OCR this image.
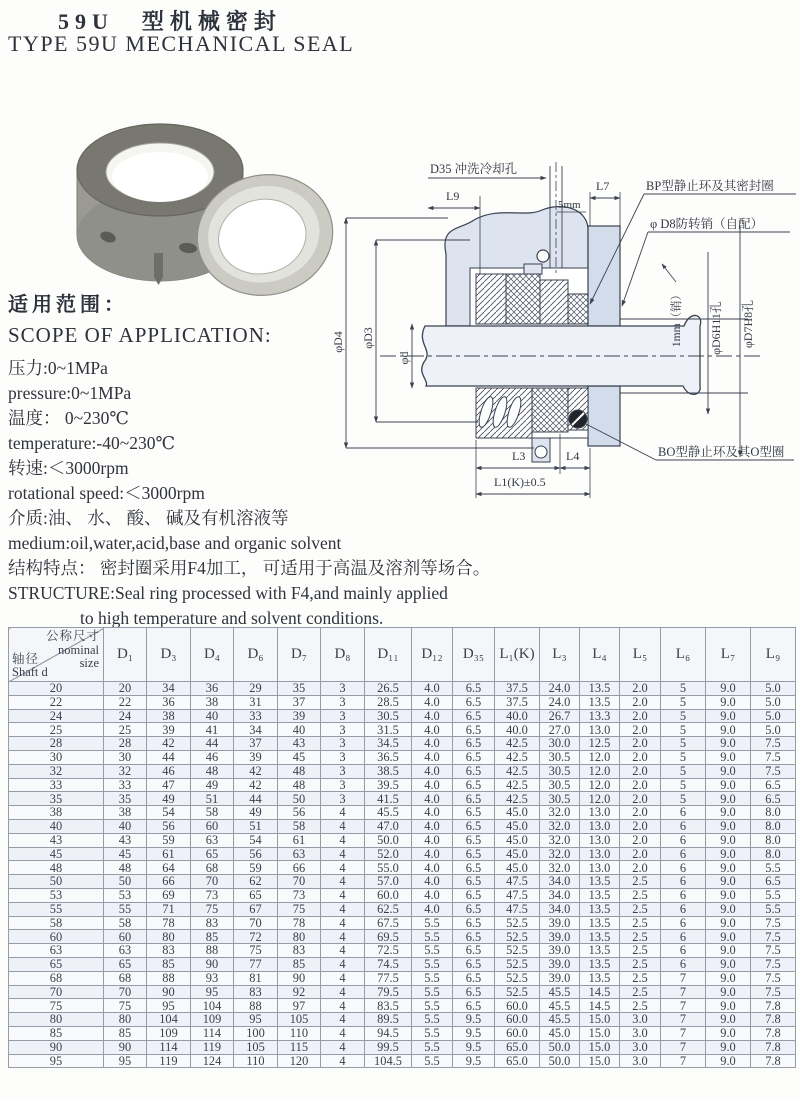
59U　型机械密封
TYPE 59U MECHANICAL SEAL
适用范围：
SCOPE OF APPLICATION:
压力:0~1MPa
pressure:0~1MPa
温度： 0~230℃
temperature:-40~230℃
转速:＜3000rpm
rotational speed:＜3000rpm
介质:油、 水、 酸、 碱及有机溶液等
medium:oil,water,acid,base and organic solvent
结构特点： 密封圈采用F4加工， 可适用于高温及溶剂等场合。
STRUCTURE:Seal ring processed with F4,and mainly applied
to high temperature and solvent conditions.
φD4 φD3
φd
D35 冲洗冷却孔
L9
5mm
L7	BP型静止环及其密封圈
φ D8防转销（自配）
1mm（销） φD6H11孔 φD7H8孔
BO型静止环及其O型圈
L3	L4
L1(K)±0.5
公称尺寸
nominal
size
轴径
Shaft d	D₁	D₃	D₄	D₆	D₇	D₈	D₁₁	D₁₂	D₃₅	L₁(K)	L₃	L₄	L₅	L₆	L₇	L₉
20	20	34	36	29	35	3	26.5	4.0	6.5	37.5	24.0	13.5	2.0	5	9.0	5.0
22	22	36	38	31	37	3	28.5	4.0	6.5	37.5	24.0	13.5	2.0	5	9.0	5.0
24	24	38	40	33	39	3	30.5	4.0	6.5	40.0	26.7	13.3	2.0	5	9.0	5.0
25	25	39	41	34	40	3	31.5	4.0	6.5	40.0	27.0	13.0	2.0	5	9.0	5.0
28	28	42	44	37	43	3	34.5	4.0	6.5	42.5	30.0	12.5	2.0	5	9.0	7.5
30	30	44	46	39	45	3	36.5	4.0	6.5	42.5	30.5	12.0	2.0	5	9.0	7.5
32	32	46	48	42	48	3	38.5	4.0	6.5	42.5	30.5	12.0	2.0	5	9.0	7.5
33	33	47	49	42	48	3	39.5	4.0	6.5	42.5	30.5	12.0	2.0	5	9.0	6.5
35	35	49	51	44	50	3	41.5	4.0	6.5	42.5	30.5	12.0	2.0	5	9.0	6.5
38	38	54	58	49	56	4	45.5	4.0	6.5	45.0	32.0	13.0	2.0	6	9.0	8.0
40	40	56	60	51	58	4	47.0	4.0	6.5	45.0	32.0	13.0	2.0	6	9.0	8.0
43	43	59	63	54	61	4	50.0	4.0	6.5	45.0	32.0	13.0	2.0	6	9.0	8.0
45	45	61	65	56	63	4	52.0	4.0	6.5	45.0	32.0	13.0	2.0	6	9.0	8.0
48	48	64	68	59	66	4	55.0	4.0	6.5	45.0	32.0	13.0	2.0	6	9.0	5.5
50	50	66	70	62	70	4	57.0	4.0	6.5	47.5	34.0	13.5	2.5	6	9.0	6.5
53	53	69	73	65	73	4	60.0	4.0	6.5	47.5	34.0	13.5	2.5	6	9.0	5.5
55	55	71	75	67	75	4	62.5	4.0	6.5	47.5	34.0	13.5	2.5	6	9.0	5.5
58	58	78	83	70	78	4	67.5	5.5	6.5	52.5	39.0	13.5	2.5	6	9.0	7.5
60	60	80	85	72	80	4	69.5	5.5	6.5	52.5	39.0	13.5	2.5	6	9.0	7.5
63	63	83	88	75	83	4	72.5	5.5	6.5	52.5	39.0	13.5	2.5	6	9.0	7.5
65	65	85	90	77	85	4	74.5	5.5	6.5	52.5	39.0	13.5	2.5	6	9.0	7.5
68	68	88	93	81	90	4	77.5	5.5	6.5	52.5	39.0	13.5	2.5	7	9.0	7.5
70	70	90	95	83	92	4	79.5	5.5	6.5	52.5	45.5	14.5	2.5	7	9.0	7.5
75	75	95	104	88	97	4	83.5	5.5	6.5	60.0	45.5	14.5	2.5	7	9.0	7.8
80	80	104	109	95	105	4	89.5	5.5	9.5	60.0	45.5	15.0	3.0	7	9.0	7.8
85	85	109	114	100	110	4	94.5	5.5	9.5	60.0	45.0	15.0	3.0	7	9.0	7.8
90	90	114	119	105	115	4	99.5	5.5	9.5	65.0	50.0	15.0	3.0	7	9.0	7.8
95	95	119	124	110	120	4	104.5	5.5	9.5	65.0	50.0	15.0	3.0	7	9.0	7.8
